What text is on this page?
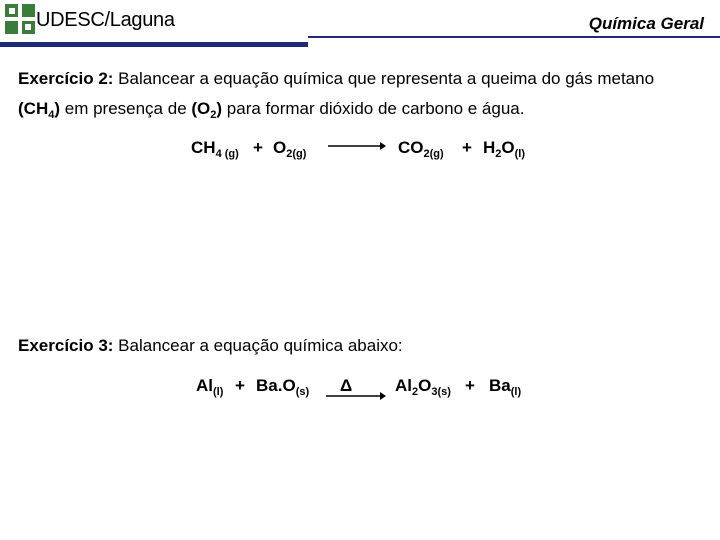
UDESC/Laguna	Química Geral
Exercício 2: Balancear a equação química que representa a queima do gás metano
$(CH_4)$ em presença de $(O_2)$ para formar dióxido de carbono e água.
$CH_{4 (g)} + O_{2(g)}$	$CO_{2(g)} + H_2O_{(l)}$
Exercício 3: Balancear a equação química abaixo:
$Al_{(l)} + Ba.O_{(s)}$ Δ	$Al_2O_{3(s)} + Ba_{(l)}$
